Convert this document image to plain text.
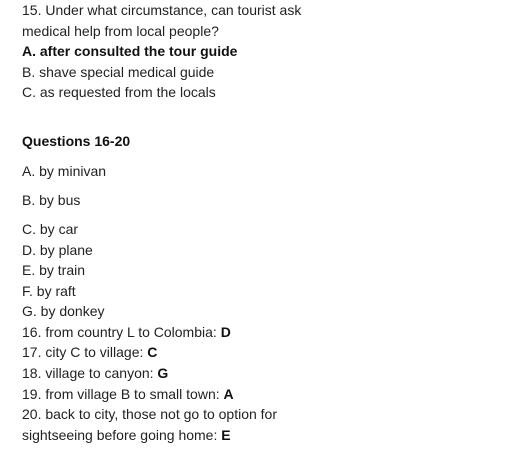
15. Under what circumstance, can tourist ask
medical help from local people?
A. after consulted the tour guide
B. shave special medical guide
C. as requested from the locals
Questions 16-20
A. by minivan
B. by bus
C. by car
D. by plane
E. by train
F. by raft
G. by donkey
16. from country L to Colombia: D
17. city C to village: C
18. village to canyon: G
19. from village B to small town: A
20. back to city, those not go to option for
sightseeing before going home: E
